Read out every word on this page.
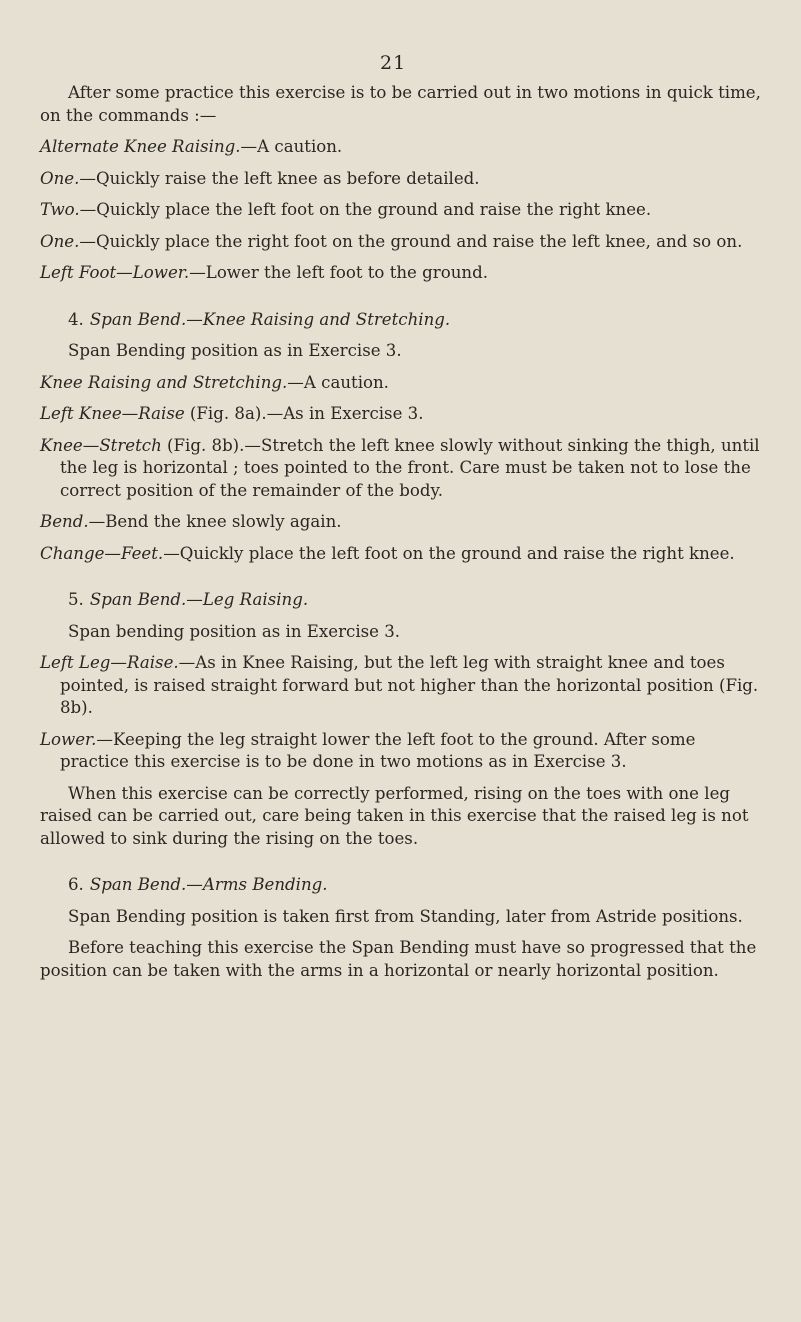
21

After some practice this exercise is to be carried out in two motions in quick time, on the commands :—

Alternate Knee Raising.—A caution.

One.—Quickly raise the left knee as before detailed.

Two.—Quickly place the left foot on the ground and raise the right knee.

One.—Quickly place the right foot on the ground and raise the left knee, and so on.

Left Foot—Lower.—Lower the left foot to the ground.

4. Span Bend.—Knee Raising and Stretching.

Span Bending position as in Exercise 3.

Knee Raising and Stretching.—A caution.

Left Knee—Raise (Fig. 8a).—As in Exercise 3.

Knee—Stretch (Fig. 8b).—Stretch the left knee slowly without sinking the thigh, until the leg is horizontal ; toes pointed to the front. Care must be taken not to lose the correct position of the remainder of the body.

Bend.—Bend the knee slowly again.

Change—Feet.—Quickly place the left foot on the ground and raise the right knee.

5. Span Bend.—Leg Raising.

Span bending position as in Exercise 3.

Left Leg—Raise.—As in Knee Raising, but the left leg with straight knee and toes pointed, is raised straight forward but not higher than the horizontal position (Fig. 8b).

Lower.—Keeping the leg straight lower the left foot to the ground. After some practice this exercise is to be done in two motions as in Exercise 3.

When this exercise can be correctly performed, rising on the toes with one leg raised can be carried out, care being taken in this exercise that the raised leg is not allowed to sink during the rising on the toes.

6. Span Bend.—Arms Bending.

Span Bending position is taken first from Standing, later from Astride positions.

Before teaching this exercise the Span Bending must have so progressed that the position can be taken with the arms in a horizontal or nearly horizontal position.
